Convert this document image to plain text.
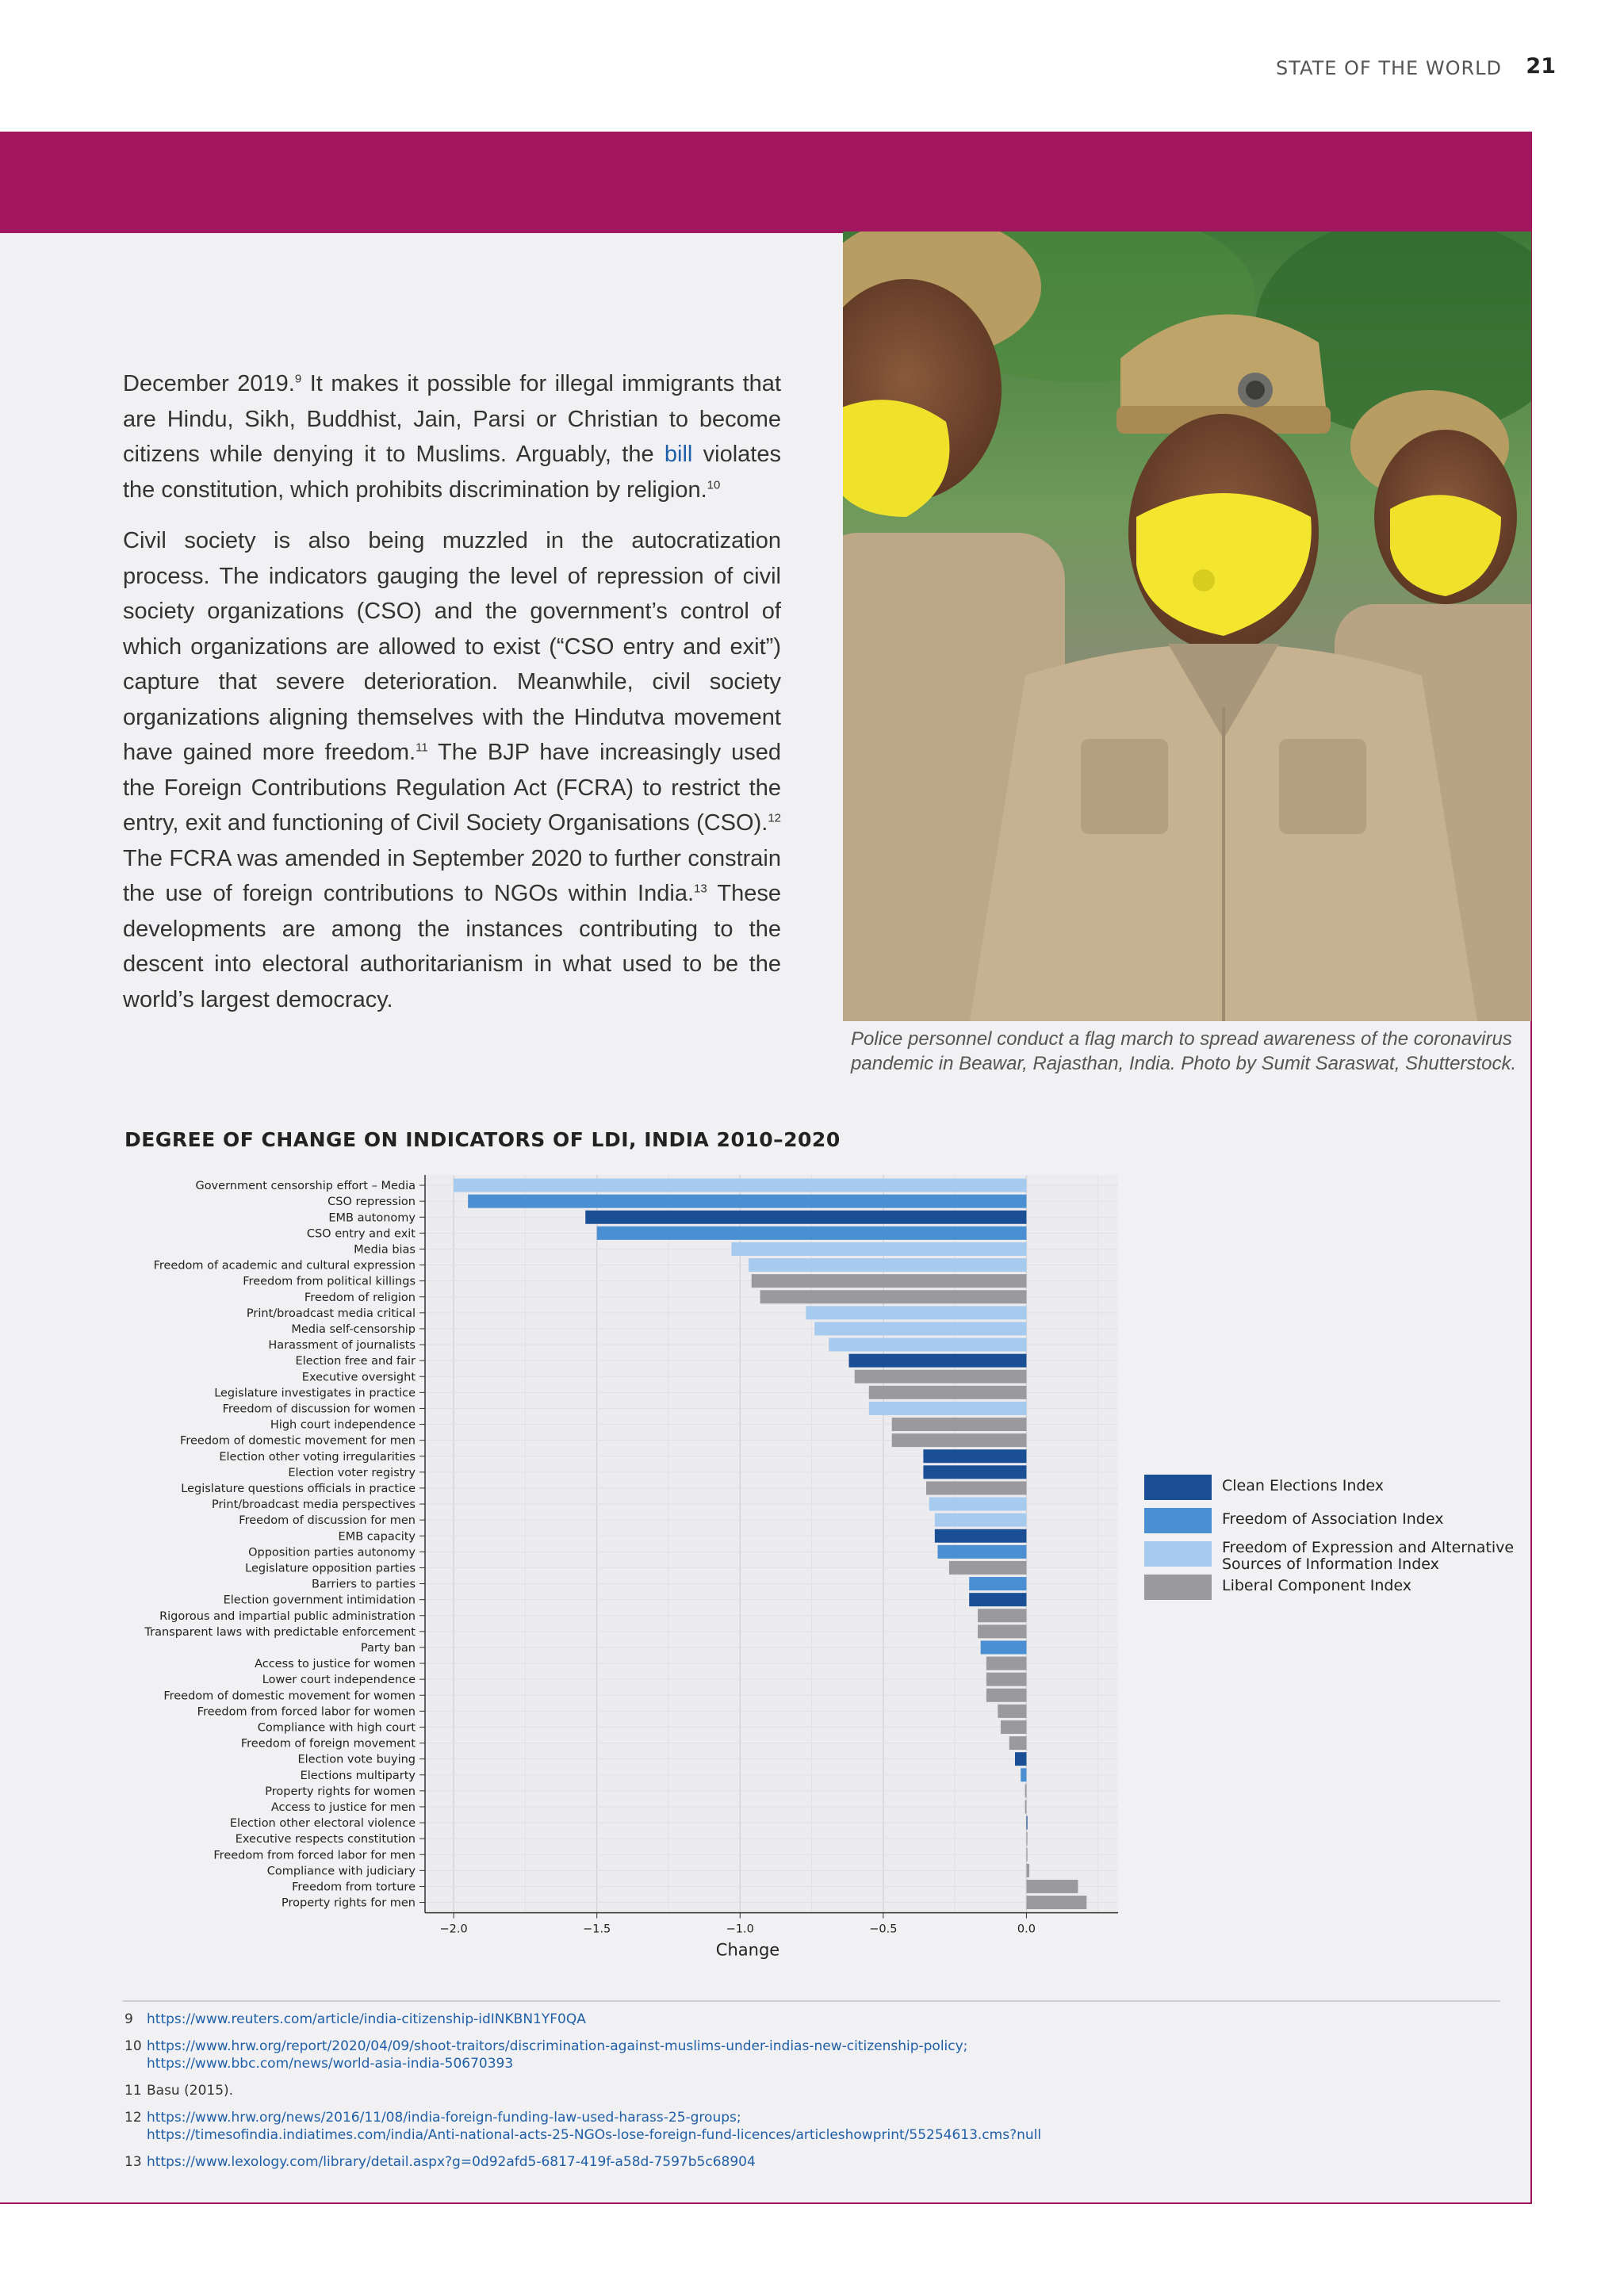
STATE OF THE WORLD 21

December 2019.$^9$ It makes it possible for illegal immigrants that are Hindu, Sikh, Buddhist, Jain, Parsi or Christian to become citizens while denying it to Muslims. Arguably, the bill violates the constitution, which prohibits discrimination by religion.$^{10}$

Civil society is also being muzzled in the autocratization process. The indicators gauging the level of repression of civil society organizations (CSO) and the government’s control of which organizations are allowed to exist (“CSO entry and exit”) capture that severe deterioration. Meanwhile, civil society organizations aligning themselves with the Hindutva movement have gained more freedom.$^{11}$ The BJP have increasingly used the Foreign Contributions Regulation Act (FCRA) to restrict the entry, exit and functioning of Civil Society Organisations (CSO).$^{12}$ The FCRA was amended in September 2020 to further constrain the use of foreign contributions to NGOs within India.$^{13}$ These developments are among the instances contributing to the descent into electoral authoritarianism in what used to be the world’s largest democracy.

Police personnel conduct a flag march to spread awareness of the coronavirus pandemic in Beawar, Rajasthan, India. Photo by Sumit Saraswat, Shutterstock.
DEGREE OF CHANGE ON INDICATORS OF LDI, INDIA 2010–2020
Government censorship effort – Media
CSO repression
EMB autonomy
CSO entry and exit
Media bias
Freedom of academic and cultural expression
Freedom from political killings
Freedom of religion
Print/broadcast media critical
Media self-censorship
Harassment of journalists
Election free and fair
Executive oversight
Legislature investigates in practice
Freedom of discussion for women
High court independence
Freedom of domestic movement for men
Election other voting irregularities
Election voter registry
Legislature questions officials in practice
Print/broadcast media perspectives
Freedom of discussion for men
EMB capacity
Opposition parties autonomy
Legislature opposition parties
Barriers to parties
Election government intimidation
Rigorous and impartial public administration
Transparent laws with predictable enforcement
Party ban
Access to justice for women
Lower court independence
Freedom of domestic movement for women
Freedom from forced labor for women
Compliance with high court
Freedom of foreign movement
Election vote buying
Elections multiparty
Property rights for women
Access to justice for men
Election other electoral violence
Executive respects constitution
Freedom from forced labor for men
Compliance with judiciary
Freedom from torture
Property rights for men
−2.0	−1.5	−1.0	−0.5	0.0
Change
Clean Elections Index
Freedom of Association Index
Freedom of Expression and Alternative Sources of Information Index
Liberal Component Index
9 https://www.reuters.com/article/india-citizenship-idINKBN1YF0QA
10 https://www.hrw.org/report/2020/04/09/shoot-traitors/discrimination-against-muslims-under-indias-new-citizenship-policy;
https://www.bbc.com/news/world-asia-india-50670393
11 Basu (2015).
12 https://www.hrw.org/news/2016/11/08/india-foreign-funding-law-used-harass-25-groups;
https://timesofindia.indiatimes.com/india/Anti-national-acts-25-NGOs-lose-foreign-fund-licences/articleshowprint/55254613.cms?null
13 https://www.lexology.com/library/detail.aspx?g=0d92afd5-6817-419f-a58d-7597b5c68904
